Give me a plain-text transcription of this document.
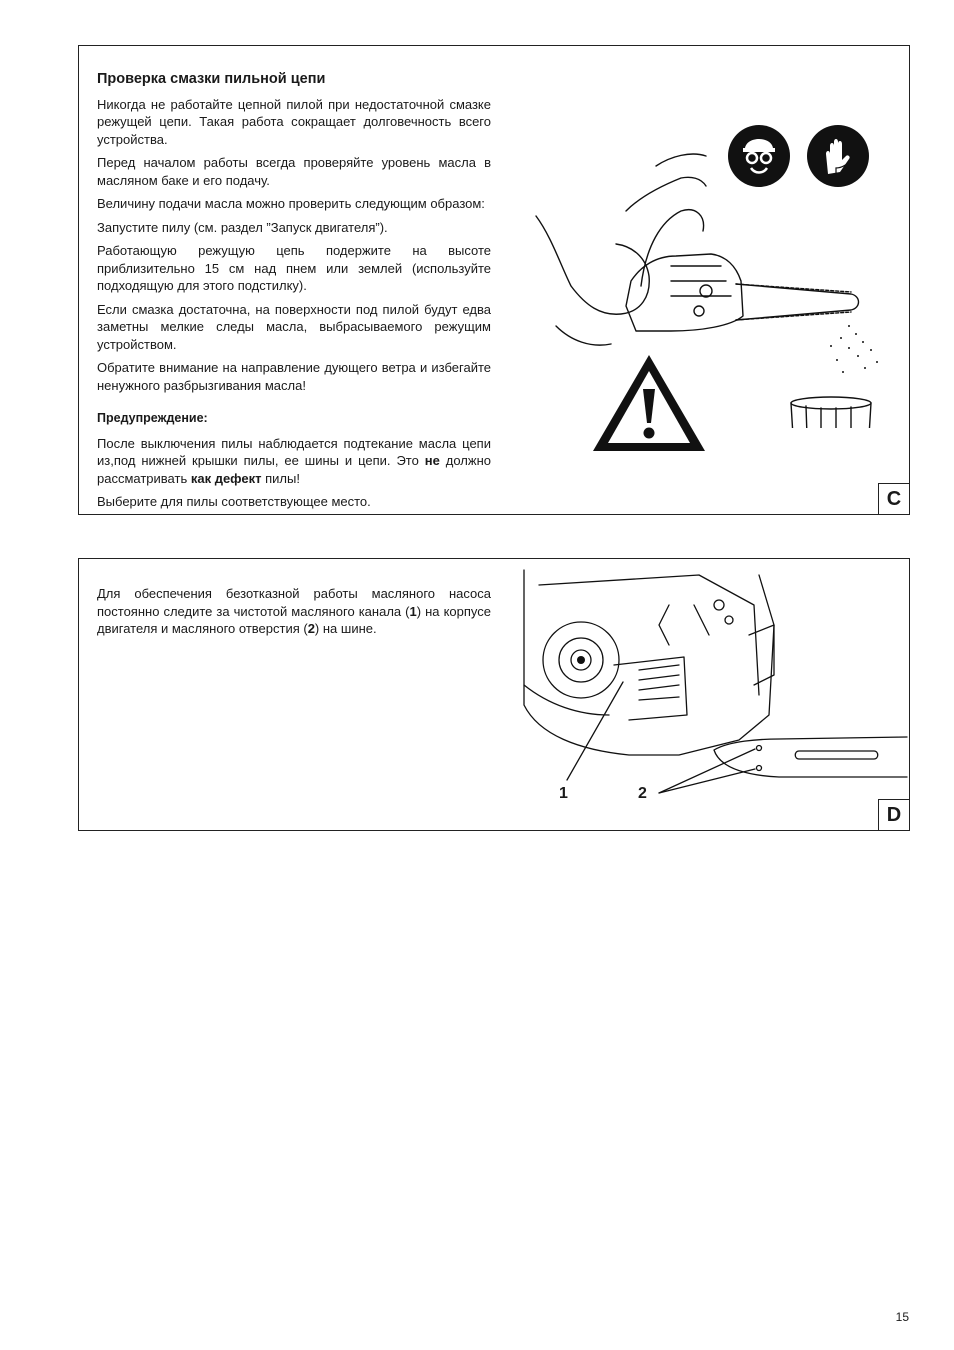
Проверка смазки пильной цепи

Никогда не работайте цепной пилой при недостаточной смазке режущей цепи. Такая работа сокращает долговечность всего устройства.

Перед началом работы всегда проверяйте уровень масла в масляном баке и его подачу.

Величину подачи масла можно проверить следующим образом:

Запустите пилу (см. раздел ”Запуск двигателя”).

Работающую режущую цепь подержите на высоте приблизительно 15 см над пнем или землей (используйте подходящую для этого подстилку).

Если смазка достаточна, на поверхности под пилой будут едва заметны мелкие следы масла, выбрасываемого режущим устройством.

Обратите внимание на направление дующего ветра и избегайте ненужного разбрызгивания масла!

Предупреждение:

После выключения пилы наблюдается подтекание масла цепи из,под нижней крышки пилы, ее шины и цепи. Это не должно рассматривать как дефект пилы!

Выберите для пилы соответствующее место.	C

Для обеспечения безотказной работы масляного насоса постоянно следите за чистотой масляного канала (1) на корпусе двигателя и масляного отверстия (2) на шине.

1	2
D
15
